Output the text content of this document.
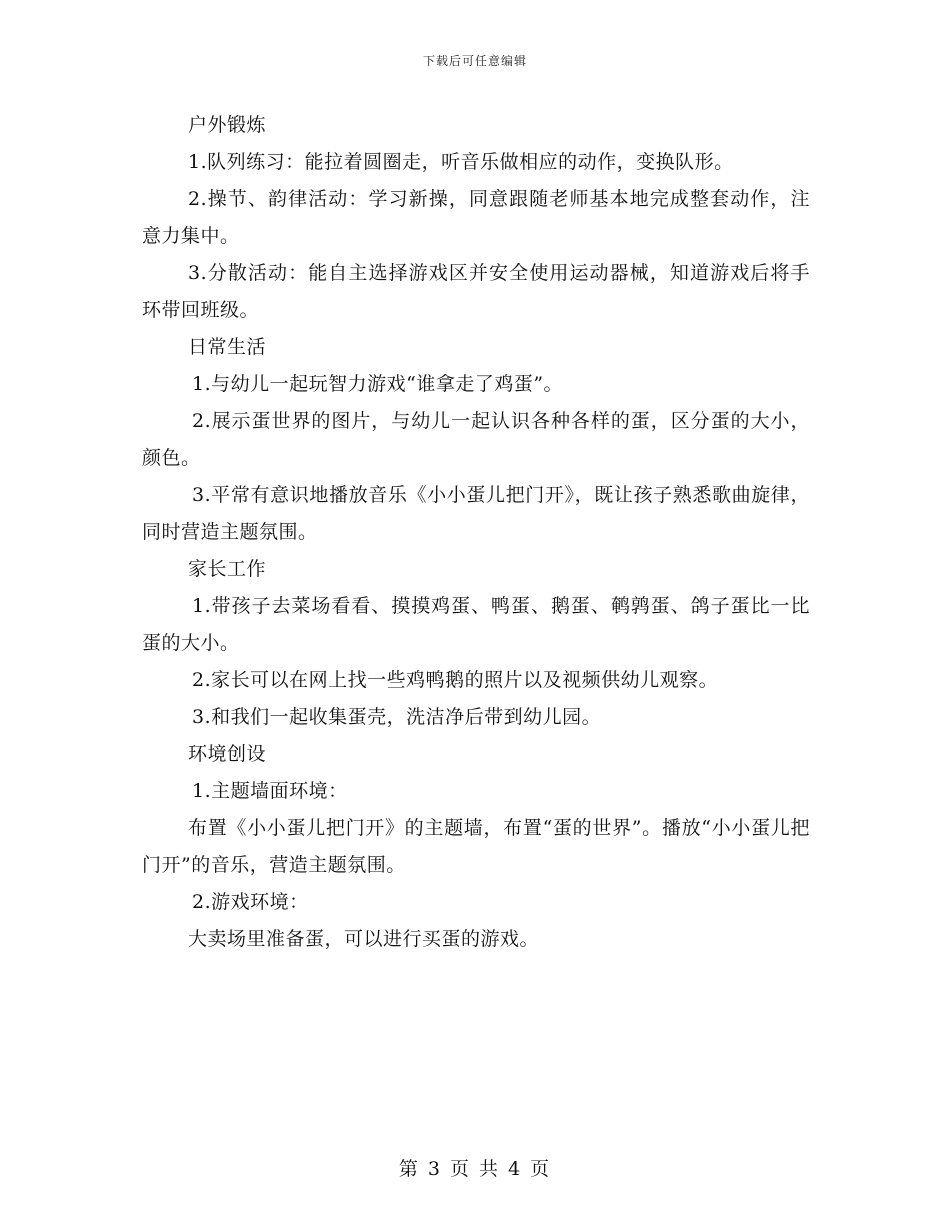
下载后可任意编辑

户外锻炼

1.队列练习：能拉着圆圈走，听音乐做相应的动作，变换队形。

2.操节、韵律活动：学习新操，同意跟随老师基本地完成整套动作，注意力集中。

3.分散活动：能自主选择游戏区并安全使用运动器械，知道游戏后将手环带回班级。

日常生活

1.与幼儿一起玩智力游戏“谁拿走了鸡蛋”。

2.展示蛋世界的图片，与幼儿一起认识各种各样的蛋，区分蛋的大小，颜色。

3.平常有意识地播放音乐《小小蛋儿把门开》，既让孩子熟悉歌曲旋律，同时营造主题氛围。

家长工作

1.带孩子去菜场看看、摸摸鸡蛋、鸭蛋、鹅蛋、鹌鹑蛋、鸽子蛋比一比蛋的大小。

2.家长可以在网上找一些鸡鸭鹅的照片以及视频供幼儿观察。

3.和我们一起收集蛋壳，洗洁净后带到幼儿园。

环境创设

1.主题墙面环境：

布置《小小蛋儿把门开》的主题墙，布置“蛋的世界”。播放“小小蛋儿把门开”的音乐，营造主题氛围。

2.游戏环境：

大卖场里准备蛋，可以进行买蛋的游戏。

第 3 页 共 4 页
